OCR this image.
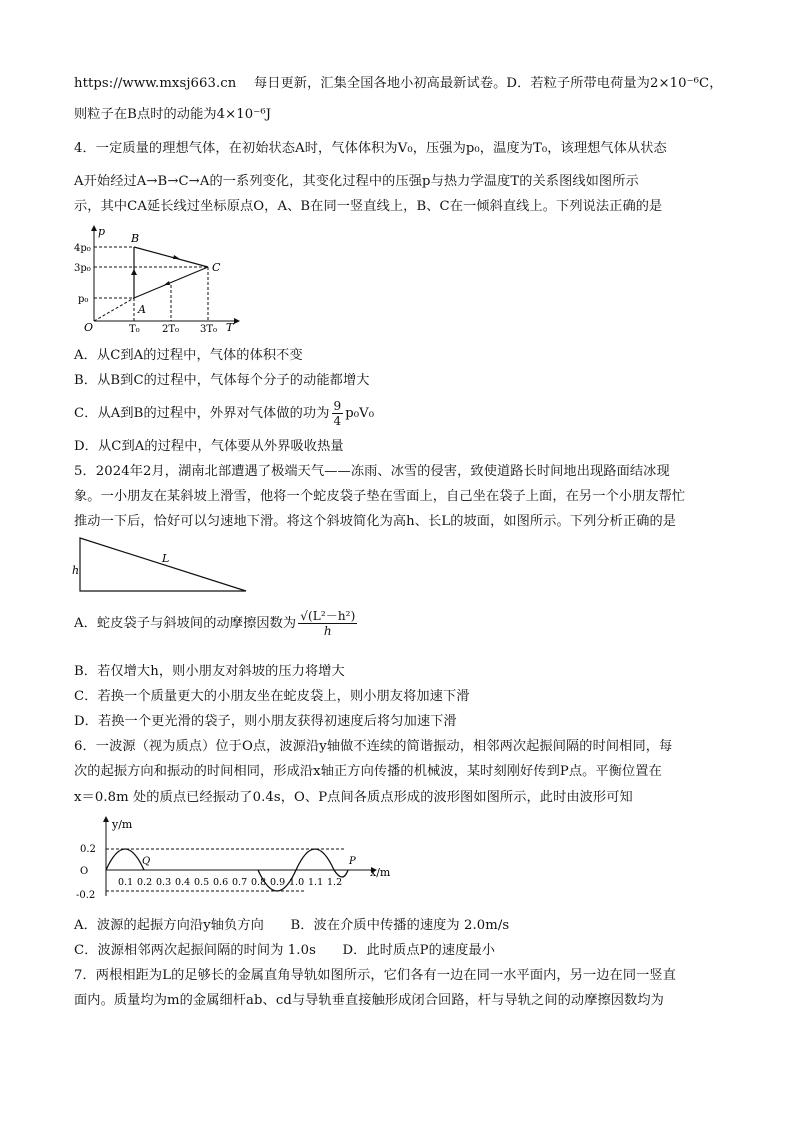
https://www.mxsj663.cn　 每日更新，汇集全国各地小初高最新试卷。D．若粒子所带电荷量为2×10⁻⁶C，
则粒子在B点时的动能为4×10⁻⁶J
4．一定质量的理想气体，在初始状态A时，气体体积为V₀，压强为p₀，温度为T₀，该理想气体从状态
A开始经过A→B→C→A的一系列变化，其变化过程中的压强p与热力学温度T的关系图线如图所示
示，其中CA延长线过坐标原点O，A、B在同一竖直线上，B、C在一倾斜直线上。下列说法正确的是
p
T
O
4p₀
3p₀
p₀
T₀ 2T₀ 3T₀
A
B
C
A．从C到A的过程中，气体的体积不变
B．从B到C的过程中，气体每个分子的动能都增大
C．从A到B的过程中，外界对气体做的功为 $\frac{9}{4} p_0V_0$
D．从C到A的过程中，气体要从外界吸收热量
5．2024年2月，湖南北部遭遇了极端天气——冻雨、冰雪的侵害，致使道路长时间地出现路面结冰现
象。一小朋友在某斜坡上滑雪，他将一个蛇皮袋子垫在雪面上，自己坐在袋子上面，在另一个小朋友帮忙
推动一下后，恰好可以匀速地下滑。将这个斜坡简化为高h、长L的坡面，如图所示。下列分析正确的是
h
L
A．蛇皮袋子与斜坡间的动摩擦因数为 $\frac{\text{√(L²－h²)}}{h}$
B．若仅增大h，则小朋友对斜坡的压力将增大
C．若换一个质量更大的小朋友坐在蛇皮袋上，则小朋友将加速下滑
D．若换一个更光滑的袋子，则小朋友获得初速度后将匀加速下滑
6．一波源（视为质点）位于O点，波源沿y轴做不连续的简谐振动，相邻两次起振间隔的时间相同，每
次的起振方向和振动的时间相同，形成沿x轴正方向传播的机械波，某时刻刚好传到P点。平衡位置在
x＝0.8m 处的质点已经振动了0.4s，O、P点间各质点形成的波形图如图所示，此时由波形可知
y/m
x/m
0.2
O
-0.2
0.1 0.2 0.3 0.4 0.5 0.6 0.7 0.8 0.9 1.0 1.1 1.2
Q	P
A．波源的起振方向沿y轴负方向　　B．波在介质中传播的速度为 2.0m/s
C．波源相邻两次起振间隔的时间为 1.0s　　D．此时质点P的速度最小
7．两根相距为L的足够长的金属直角导轨如图所示，它们各有一边在同一水平面内，另一边在同一竖直
面内。质量均为m的金属细杆ab、cd与导轨垂直接触形成闭合回路，杆与导轨之间的动摩擦因数均为
